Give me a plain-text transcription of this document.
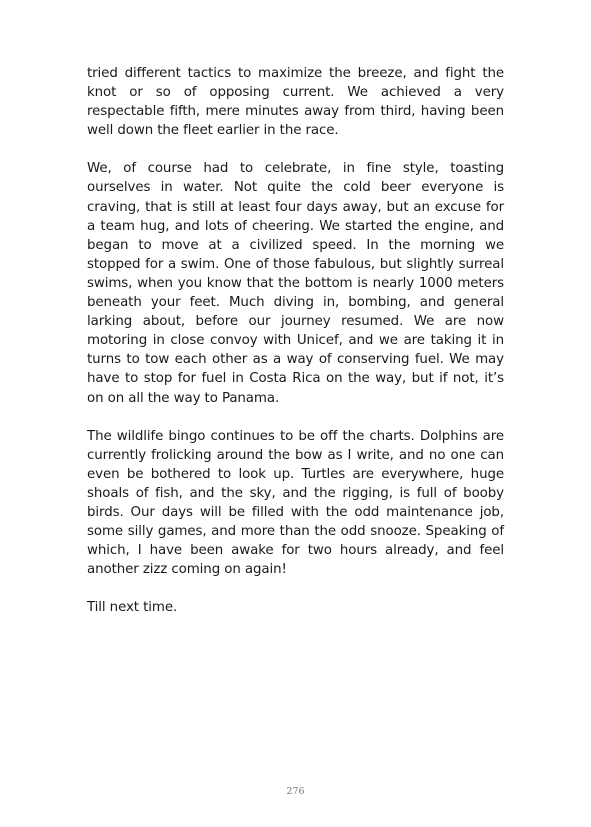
tried different tactics to maximize the breeze, and fight the knot or so of opposing current. We achieved a very respectable fifth, mere minutes away from third, having been well down the fleet earlier in the race.

We, of course had to celebrate, in fine style, toasting ourselves in water. Not quite the cold beer everyone is craving, that is still at least four days away, but an excuse for a team hug, and lots of cheering. We started the engine, and began to move at a civilized speed. In the morning we stopped for a swim. One of those fabulous, but slightly surreal swims, when you know that the bottom is nearly 1000 meters beneath your feet. Much diving in, bombing, and general larking about, before our journey resumed. We are now motoring in close convoy with Unicef, and we are taking it in turns to tow each other as a way of conserving fuel. We may have to stop for fuel in Costa Rica on the way, but if not, it’s on on all the way to Panama.

The wildlife bingo continues to be off the charts. Dolphins are currently frolicking around the bow as I write, and no one can even be bothered to look up. Turtles are everywhere, huge shoals of fish, and the sky, and the rigging, is full of booby birds. Our days will be filled with the odd maintenance job, some silly games, and more than the odd snooze. Speaking of which, I have been awake for two hours already, and feel another zizz coming on again!

Till next time.

276
